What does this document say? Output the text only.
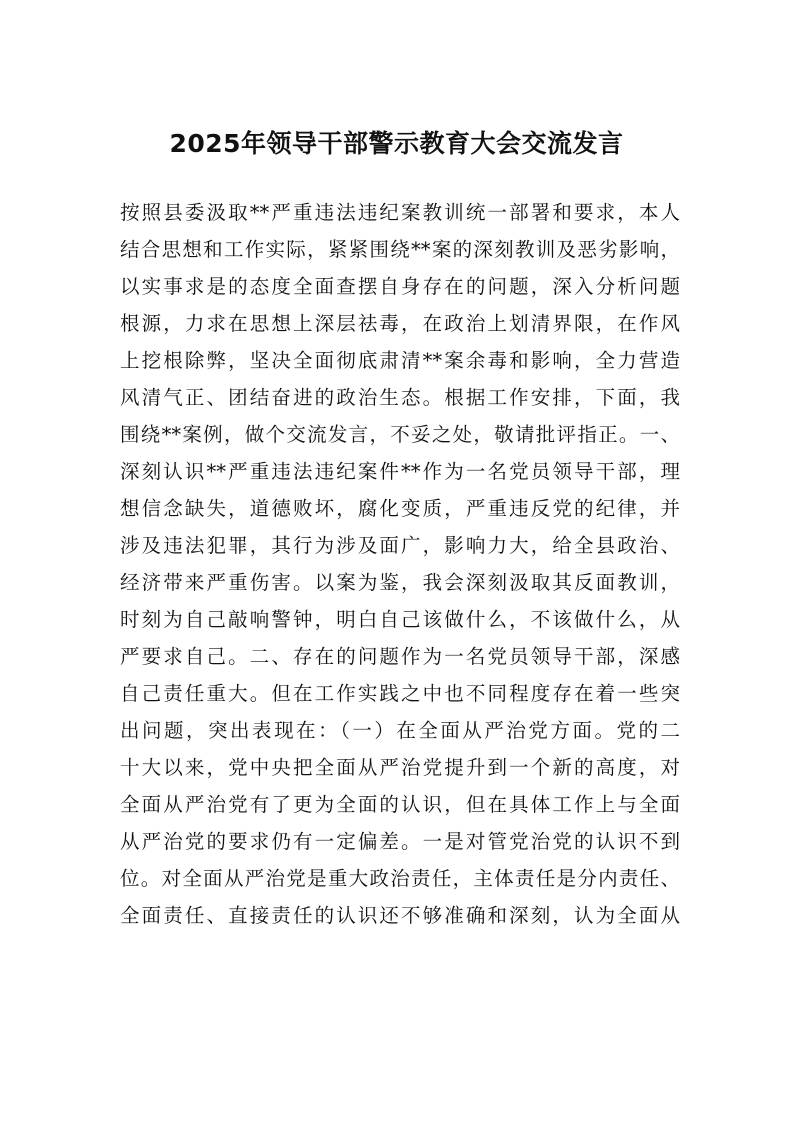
2025年领导干部警示教育大会交流发言
按照县委汲取**严重违法违纪案教训统一部署和要求，本人
结合思想和工作实际，紧紧围绕**案的深刻教训及恶劣影响，
以实事求是的态度全面查摆自身存在的问题，深入分析问题
根源，力求在思想上深层祛毒，在政治上划清界限，在作风
上挖根除弊，坚决全面彻底肃清**案余毒和影响，全力营造
风清气正、团结奋进的政治生态。根据工作安排，下面，我
围绕**案例，做个交流发言，不妥之处，敬请批评指正。一、
深刻认识**严重违法违纪案件**作为一名党员领导干部，理
想信念缺失，道德败坏，腐化变质，严重违反党的纪律，并
涉及违法犯罪，其行为涉及面广，影响力大，给全县政治、
经济带来严重伤害。以案为鉴，我会深刻汲取其反面教训，
时刻为自己敲响警钟，明白自己该做什么，不该做什么，从
严要求自己。二、存在的问题作为一名党员领导干部，深感
自己责任重大。但在工作实践之中也不同程度存在着一些突
出问题，突出表现在：（一）在全面从严治党方面。党的二
十大以来，党中央把全面从严治党提升到一个新的高度，对
全面从严治党有了更为全面的认识，但在具体工作上与全面
从严治党的要求仍有一定偏差。一是对管党治党的认识不到
位。对全面从严治党是重大政治责任，主体责任是分内责任、
全面责任、直接责任的认识还不够准确和深刻，认为全面从
